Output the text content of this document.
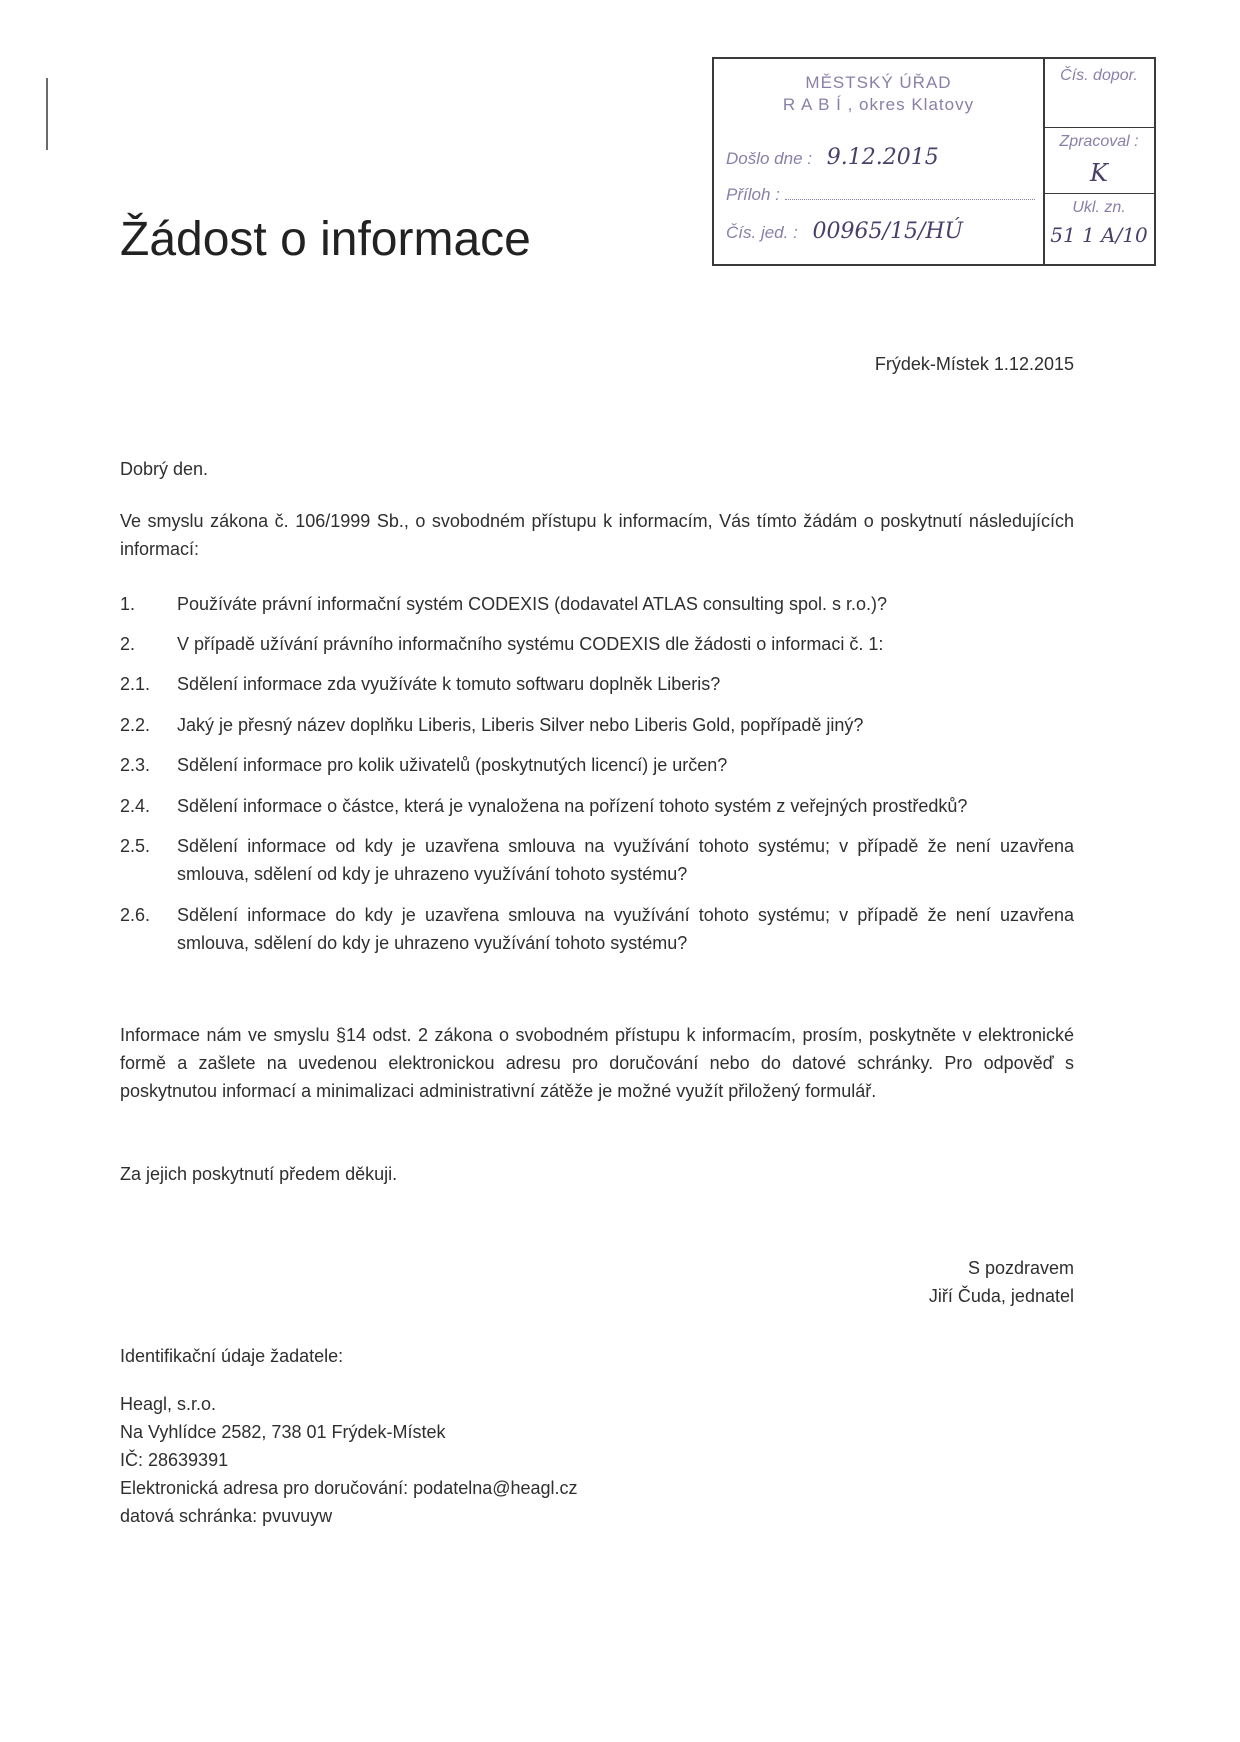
Žádost o informace
MĚSTSKÝ ÚŘAD
R A B Í , okres Klatovy
Došlo dne : 9.12.2015
Příloh :
Čís. jed. : 00965/15/HÚ
Čís. dopor.
Zpracoval :
K
Ukl. zn.
51 1 A/10
Frýdek-Místek 1.12.2015
Dobrý den.
Ve smyslu zákona č. 106/1999 Sb., o svobodném přístupu k informacím, Vás tímto žádám o poskytnutí následujících informací:
1. Používáte právní informační systém CODEXIS (dodavatel ATLAS consulting spol. s r.o.)?
2. V případě užívání právního informačního systému CODEXIS dle žádosti o informaci č. 1:
2.1. Sdělení informace zda využíváte k tomuto softwaru doplněk Liberis?
2.2. Jaký je přesný název doplňku Liberis, Liberis Silver nebo Liberis Gold, popřípadě jiný?
2.3. Sdělení informace pro kolik uživatelů (poskytnutých licencí) je určen?
2.4. Sdělení informace o částce, která je vynaložena na pořízení tohoto systém z veřejných prostředků?
2.5. Sdělení informace od kdy je uzavřena smlouva na využívání tohoto systému; v případě že není uzavřena smlouva, sdělení od kdy je uhrazeno využívání tohoto systému?
2.6. Sdělení informace do kdy je uzavřena smlouva na využívání tohoto systému; v případě že není uzavřena smlouva, sdělení do kdy je uhrazeno využívání tohoto systému?
Informace nám ve smyslu §14 odst. 2 zákona o svobodném přístupu k informacím, prosím, poskytněte v elektronické formě a zašlete na uvedenou elektronickou adresu pro doručování nebo do datové schránky. Pro odpověď s poskytnutou informací a minimalizaci administrativní zátěže je možné využít přiložený formulář.
Za jejich poskytnutí předem děkuji.
S pozdravem
Jiří Čuda, jednatel
Identifikační údaje žadatele:
Heagl, s.r.o.
Na Vyhlídce 2582, 738 01 Frýdek-Místek
IČ: 28639391
Elektronická adresa pro doručování: podatelna@heagl.cz
datová schránka: pvuvuyw
